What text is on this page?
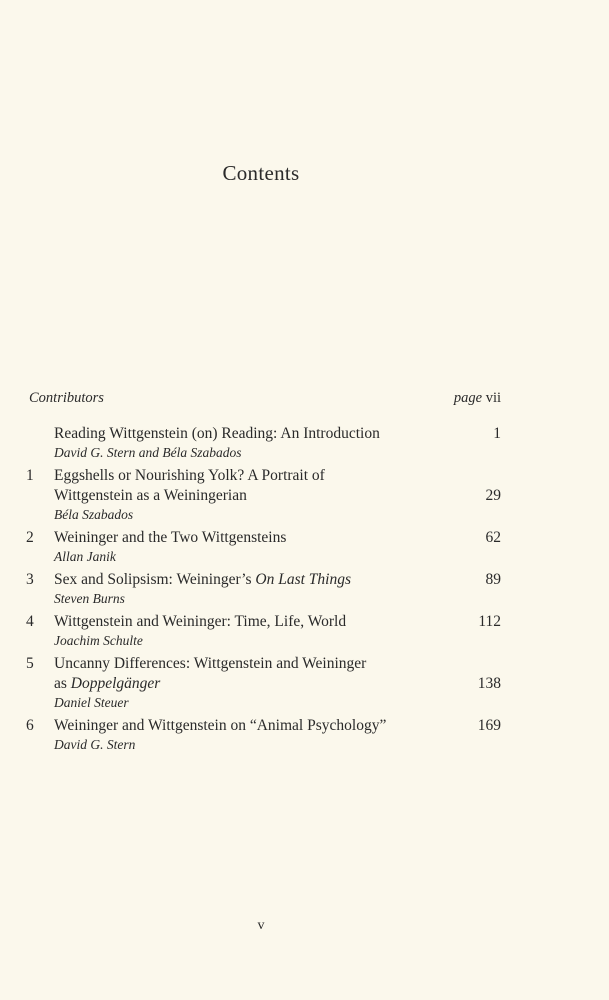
Contents
Contributors	page vii
Reading Wittgenstein (on) Reading: An Introduction	1
David G. Stern and Béla Szabados
1	Eggshells or Nourishing Yolk? A Portrait of
Wittgenstein as a Weiningerian	29
Béla Szabados
2	Weininger and the Two Wittgensteins	62
Allan Janik
3	Sex and Solipsism: Weininger’s On Last Things	89
Steven Burns
4	Wittgenstein and Weininger: Time, Life, World	112
Joachim Schulte
5	Uncanny Differences: Wittgenstein and Weininger
as Doppelgänger	138
Daniel Steuer
6	Weininger and Wittgenstein on “Animal Psychology”	169
David G. Stern
v
